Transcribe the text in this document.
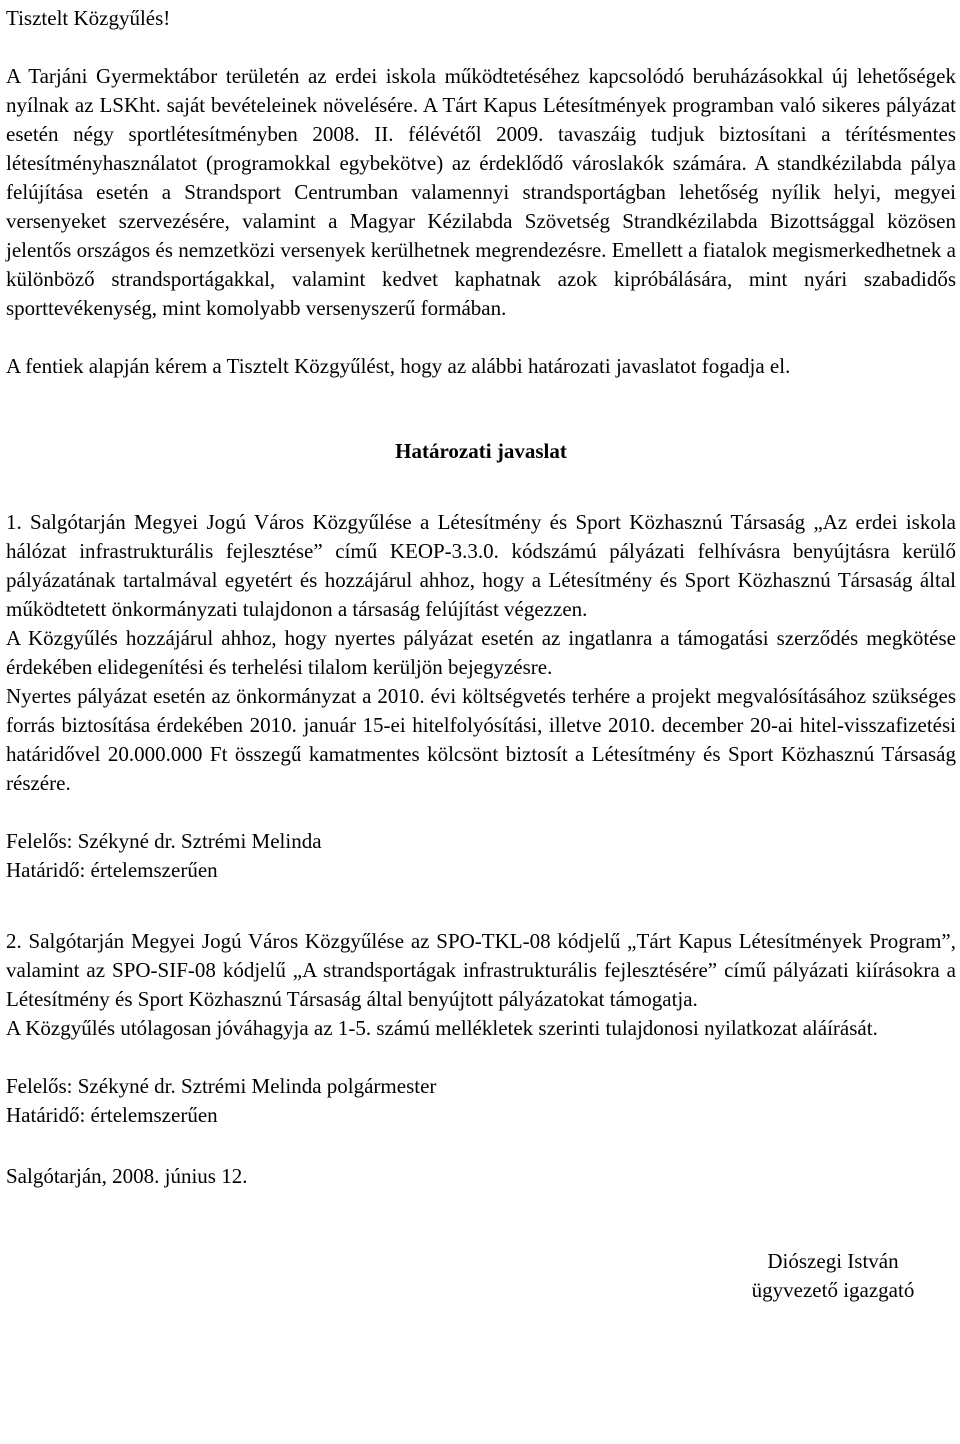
Tisztelt Közgyűlés!

A Tarjáni Gyermektábor területén az erdei iskola működtetéséhez kapcsolódó beruházásokkal új lehetőségek nyílnak az LSKht. saját bevételeinek növelésére. A Tárt Kapus Létesítmények programban való sikeres pályázat esetén négy sportlétesítményben 2008. II. félévétől 2009. tavaszáig tudjuk biztosítani a térítésmentes létesítményhasználatot (programokkal egybekötve) az érdeklődő városlakók számára. A standkézilabda pálya felújítása esetén a Strandsport Centrumban valamennyi strandsportágban lehetőség nyílik helyi, megyei versenyeket szervezésére, valamint a Magyar Kézilabda Szövetség Strandkézilabda Bizottsággal közösen jelentős országos és nemzetközi versenyek kerülhetnek megrendezésre. Emellett a fiatalok megismerkedhetnek a különböző strandsportágakkal, valamint kedvet kaphatnak azok kipróbálására, mint nyári szabadidős sporttevékenység, mint komolyabb versenyszerű formában.

A fentiek alapján kérem a Tisztelt Közgyűlést, hogy az alábbi határozati javaslatot fogadja el.

Határozati javaslat

1. Salgótarján Megyei Jogú Város Közgyűlése a Létesítmény és Sport Közhasznú Társaság „Az erdei iskola hálózat infrastrukturális fejlesztése” című KEOP-3.3.0. kódszámú pályázati felhívásra benyújtásra kerülő pályázatának tartalmával egyetért és hozzájárul ahhoz, hogy a Létesítmény és Sport Közhasznú Társaság által működtetett önkormányzati tulajdonon a társaság felújítást végezzen.

A Közgyűlés hozzájárul ahhoz, hogy nyertes pályázat esetén az ingatlanra a támogatási szerződés megkötése érdekében elidegenítési és terhelési tilalom kerüljön bejegyzésre.

Nyertes pályázat esetén az önkormányzat a 2010. évi költségvetés terhére a projekt megvalósításához szükséges forrás biztosítása érdekében 2010. január 15-ei hitelfolyósítási, illetve 2010. december 20-ai hitel-visszafizetési határidővel 20.000.000 Ft összegű kamatmentes kölcsönt biztosít a Létesítmény és Sport Közhasznú Társaság részére.

Felelős: Székyné dr. Sztrémi Melinda

Határidő: értelemszerűen

2. Salgótarján Megyei Jogú Város Közgyűlése az SPO-TKL-08 kódjelű „Tárt Kapus Létesítmények Program”, valamint az SPO-SIF-08 kódjelű „A strandsportágak infrastrukturális fejlesztésére” című pályázati kiírásokra a Létesítmény és Sport Közhasznú Társaság által benyújtott pályázatokat támogatja.

A Közgyűlés utólagosan jóváhagyja az 1-5. számú mellékletek szerinti tulajdonosi nyilatkozat aláírását.

Felelős: Székyné dr. Sztrémi Melinda polgármester

Határidő: értelemszerűen

Salgótarján, 2008. június 12.

Diószegi István
ügyvezető igazgató
